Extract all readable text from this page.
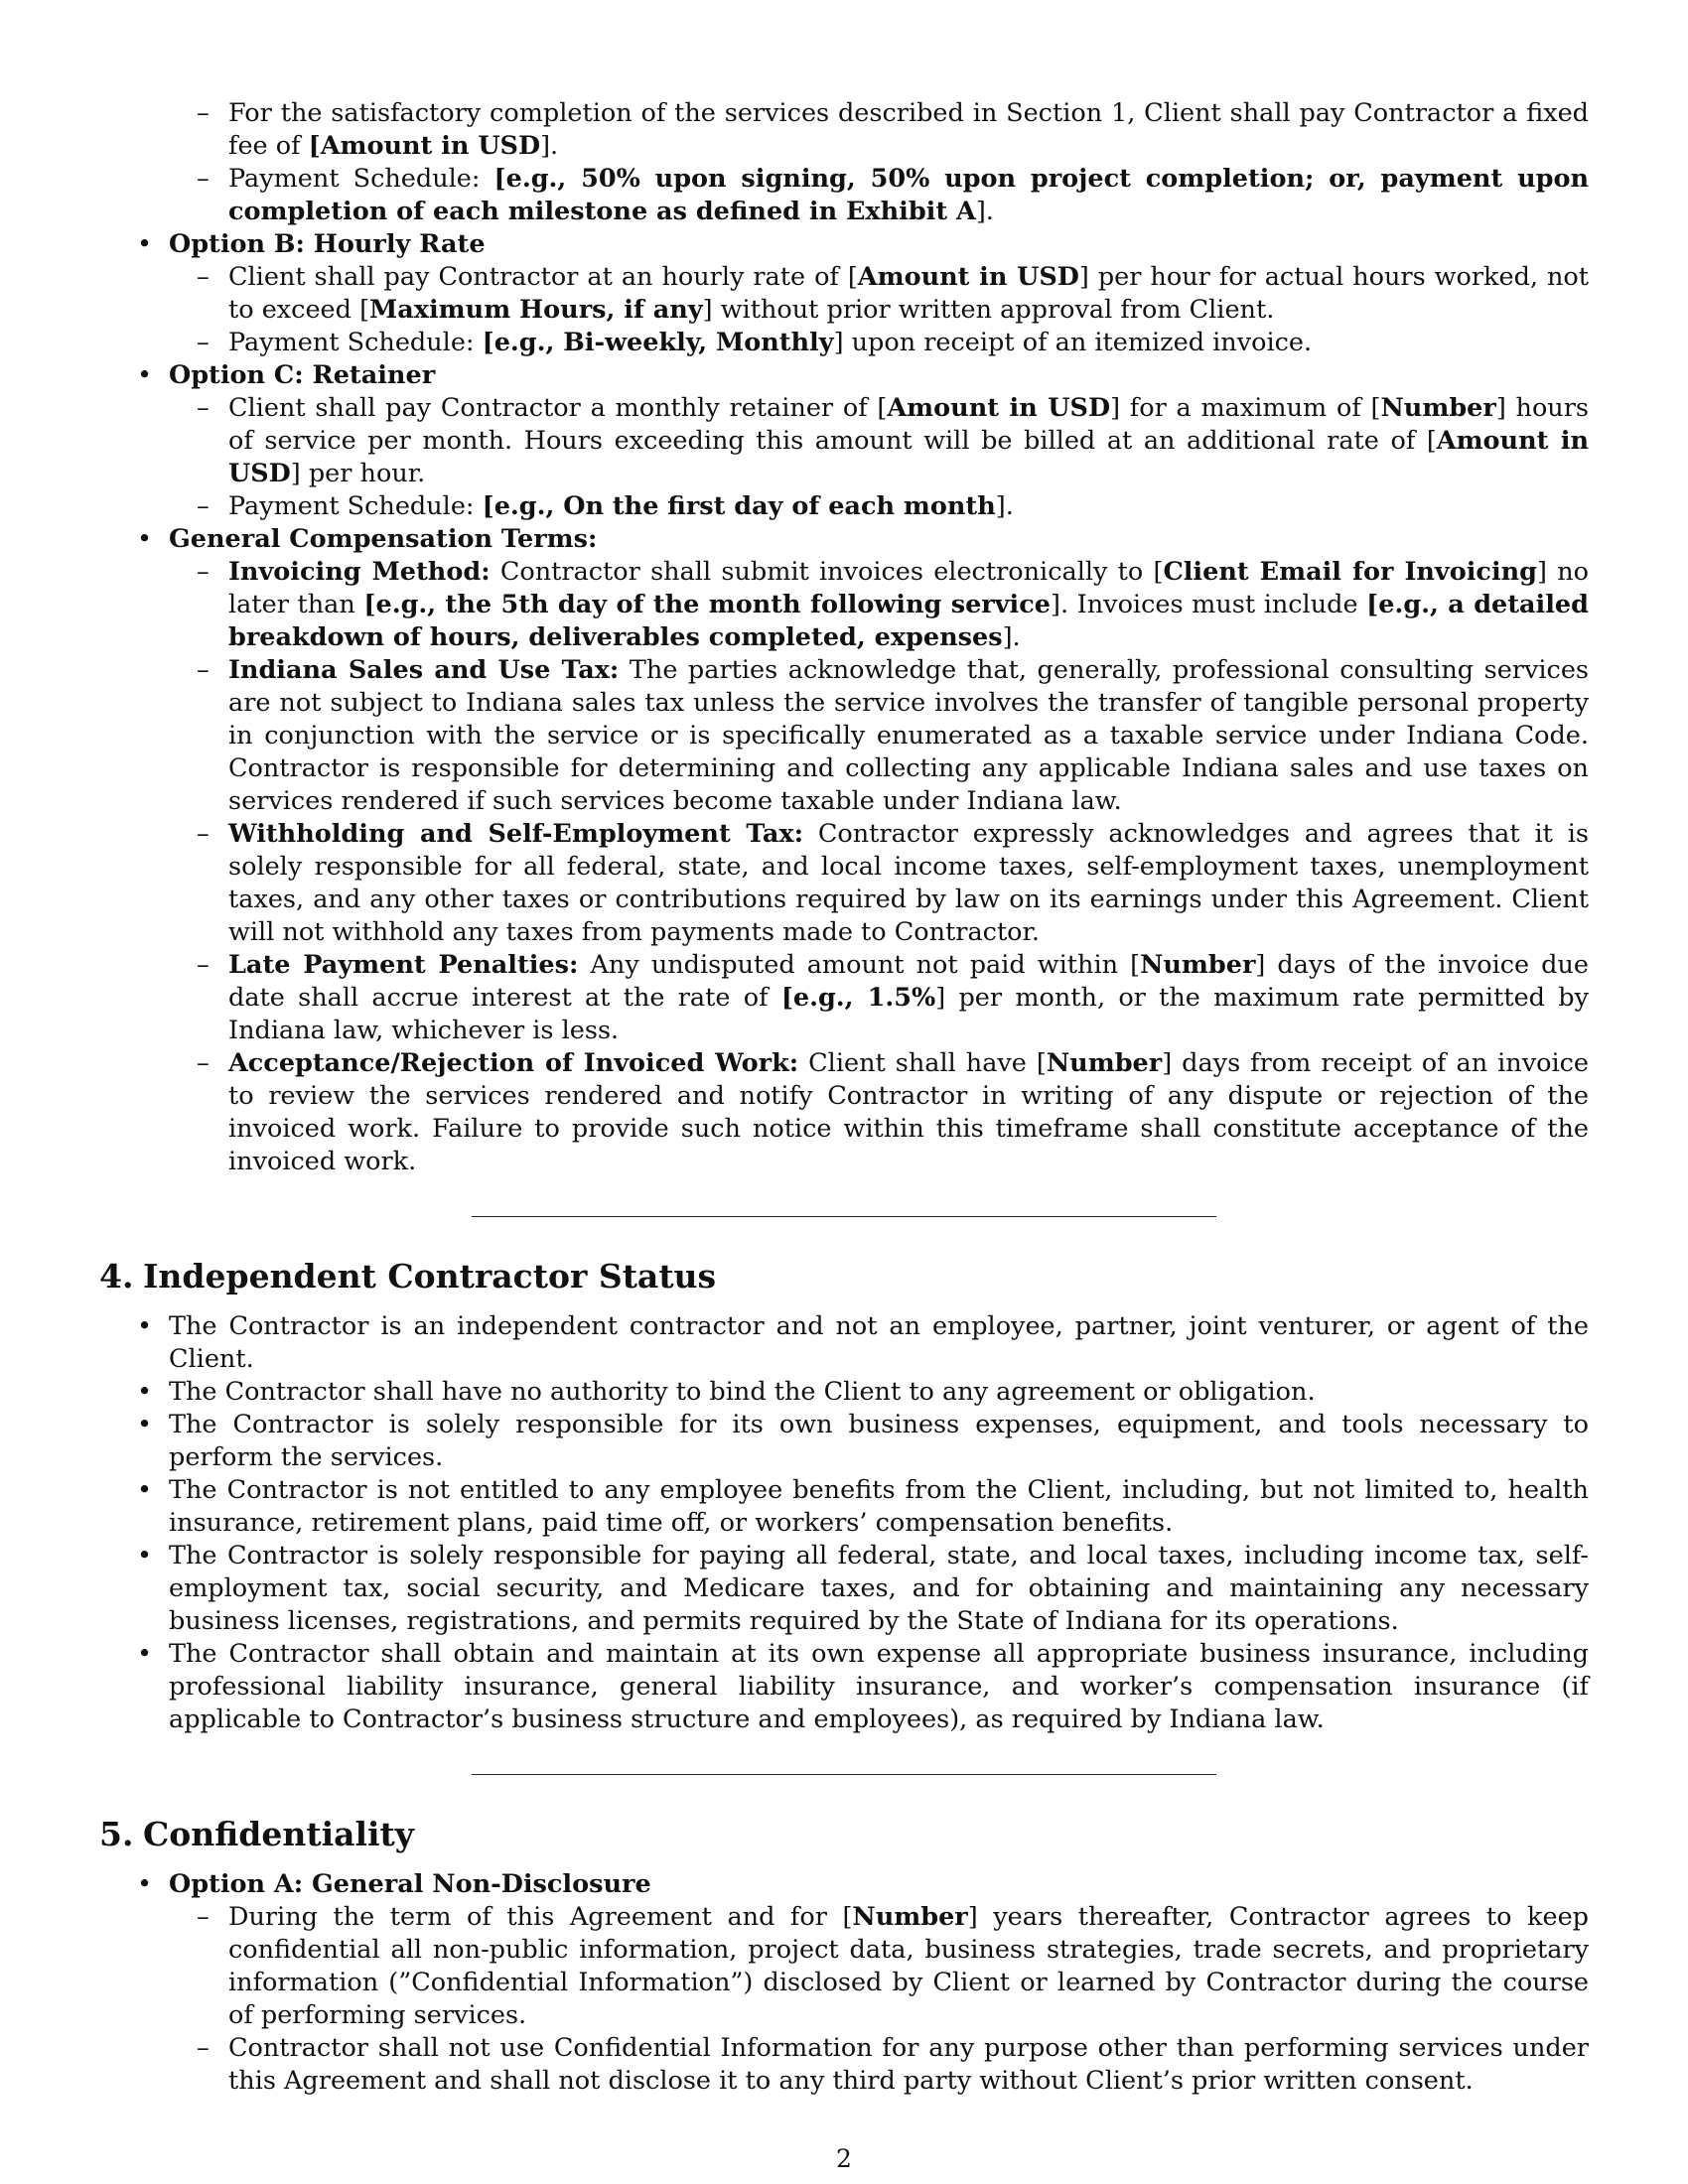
– For the satisfactory completion of the services described in Section 1, Client shall pay Contractor a fixed fee of [Amount in USD].
– Payment Schedule: [e.g., 50% upon signing, 50% upon project completion; or, payment upon completion of each milestone as defined in Exhibit A].
• Option B: Hourly Rate
– Client shall pay Contractor at an hourly rate of [Amount in USD] per hour for actual hours worked, not to exceed [Maximum Hours, if any] without prior written approval from Client.
– Payment Schedule: [e.g., Bi-weekly, Monthly] upon receipt of an itemized invoice.
• Option C: Retainer
– Client shall pay Contractor a monthly retainer of [Amount in USD] for a maximum of [Number] hours of service per month. Hours exceeding this amount will be billed at an additional rate of [Amount in USD] per hour.
– Payment Schedule: [e.g., On the first day of each month].
• General Compensation Terms:
– Invoicing Method: Contractor shall submit invoices electronically to [Client Email for Invoicing] no later than [e.g., the 5th day of the month following service]. Invoices must include [e.g., a detailed breakdown of hours, deliverables completed, expenses].
– Indiana Sales and Use Tax: The parties acknowledge that, generally, professional consulting services are not subject to Indiana sales tax unless the service involves the transfer of tangible personal property in conjunction with the service or is specifically enumerated as a taxable service under Indiana Code. Contractor is responsible for determining and collecting any applicable Indiana sales and use taxes on services rendered if such services become taxable under Indiana law.
– Withholding and Self-Employment Tax: Contractor expressly acknowledges and agrees that it is solely responsible for all federal, state, and local income taxes, self-employment taxes, unemployment taxes, and any other taxes or contributions required by law on its earnings under this Agreement. Client will not withhold any taxes from payments made to Contractor.
– Late Payment Penalties: Any undisputed amount not paid within [Number] days of the invoice due date shall accrue interest at the rate of [e.g., 1.5%] per month, or the maximum rate permitted by Indiana law, whichever is less.
– Acceptance/Rejection of Invoiced Work: Client shall have [Number] days from receipt of an invoice to review the services rendered and notify Contractor in writing of any dispute or rejection of the invoiced work. Failure to provide such notice within this timeframe shall constitute acceptance of the invoiced work.
4. Independent Contractor Status
• The Contractor is an independent contractor and not an employee, partner, joint venturer, or agent of the Client.
• The Contractor shall have no authority to bind the Client to any agreement or obligation.
• The Contractor is solely responsible for its own business expenses, equipment, and tools necessary to perform the services.
• The Contractor is not entitled to any employee benefits from the Client, including, but not limited to, health insurance, retirement plans, paid time off, or workers’ compensation benefits.
• The Contractor is solely responsible for paying all federal, state, and local taxes, including income tax, self-employment tax, social security, and Medicare taxes, and for obtaining and maintaining any necessary business licenses, registrations, and permits required by the State of Indiana for its operations.
• The Contractor shall obtain and maintain at its own expense all appropriate business insurance, including professional liability insurance, general liability insurance, and worker’s compensation insurance (if applicable to Contractor’s business structure and employees), as required by Indiana law.
5. Confidentiality
• Option A: General Non-Disclosure
– During the term of this Agreement and for [Number] years thereafter, Contractor agrees to keep confidential all non-public information, project data, business strategies, trade secrets, and proprietary information (”Confidential Information”) disclosed by Client or learned by Contractor during the course of performing services.
– Contractor shall not use Confidential Information for any purpose other than performing services under this Agreement and shall not disclose it to any third party without Client’s prior written consent.
2
